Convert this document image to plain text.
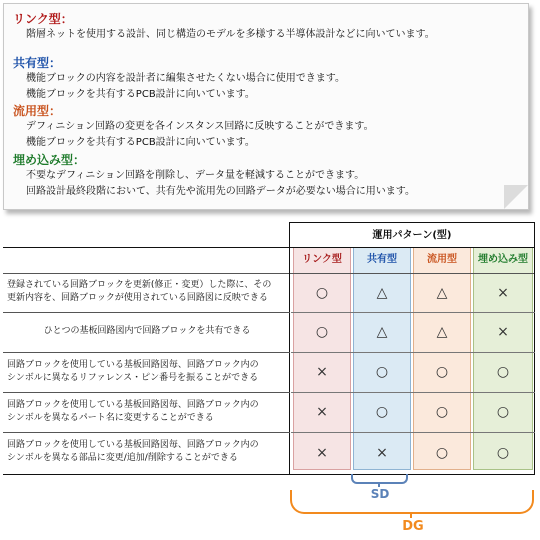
リンク型：
階層ネットを使用する設計、同じ構造のモデルを多様する半導体設計などに向いています。
共有型：
機能ブロックの内容を設計者に編集させたくない場合に使用できます。
機能ブロックを共有するPCB設計に向いています。
流用型：
デフィニション回路の変更を各インスタンス回路に反映することができます。
機能ブロックを共有するPCB設計に向いています。
埋め込み型：
不要なデフィニション回路を削除し、データ量を軽減することができます。
回路設計最終段階において、共有先や流用先の回路データが必要ない場合に用います。
リンク型	共有型	流用型	埋め込み型
運用パターン(型)
登録されている回路ブロックを更新(修正・変更）した際に、その
更新内容を、回路ブロックが使用されている回路図に反映できる	○	△	△	×
ひとつの基板回路図内で回路ブロックを共有できる	○	△	△	×
回路ブロックを使用している基板回路図毎、回路ブロック内の
シンボルに異なるリファレンス・ピン番号を振ることができる	×	○	○	○
回路ブロックを使用している基板回路図毎、回路ブロック内の
シンボルを異なるパート名に変更することができる	×	○	○	○
回路ブロックを使用している基板回路図毎、回路ブロック内の
シンボルを異なる部品に変更/追加/削除することができる	×	×	○	○
SD
DG
